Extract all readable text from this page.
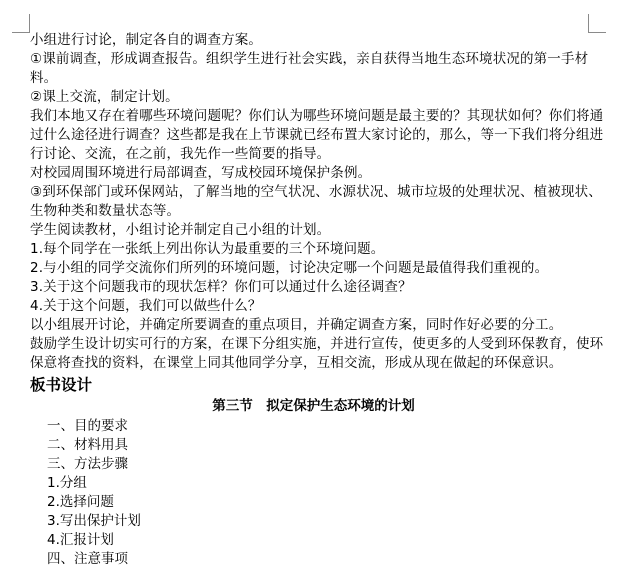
小组进行讨论，制定各自的调查方案。

①课前调查，形成调查报告。组织学生进行社会实践，亲自获得当地生态环境状况的第一手材料。

②课上交流，制定计划。

我们本地又存在着哪些环境问题呢？你们认为哪些环境问题是最主要的？其现状如何？你们将通过什么途径进行调查？这些都是我在上节课就已经布置大家讨论的，那么，等一下我们将分组进行讨论、交流，在之前，我先作一些简要的指导。

对校园周围环境进行局部调查，写成校园环境保护条例。

③到环保部门或环保网站，了解当地的空气状况、水源状况、城市垃圾的处理状况、植被现状、生物种类和数量状态等。

学生阅读教材，小组讨论并制定自己小组的计划。

1.每个同学在一张纸上列出你认为最重要的三个环境问题。

2.与小组的同学交流你们所列的环境问题，讨论决定哪一个问题是最值得我们重视的。

3.关于这个问题我市的现状怎样？你们可以通过什么途径调查？

4.关于这个问题，我们可以做些什么？

以小组展开讨论，并确定所要调查的重点项目，并确定调查方案，同时作好必要的分工。

鼓励学生设计切实可行的方案，在课下分组实施，并进行宣传，使更多的人受到环保教育，使环保意将查找的资料，在课堂上同其他同学分享，互相交流，形成从现在做起的环保意识。

板书设计

第三节　拟定保护生态环境的计划

一、目的要求

二、材料用具

三、方法步骤

1.分组

2.选择问题

3.写出保护计划

4.汇报计划

四、注意事项
